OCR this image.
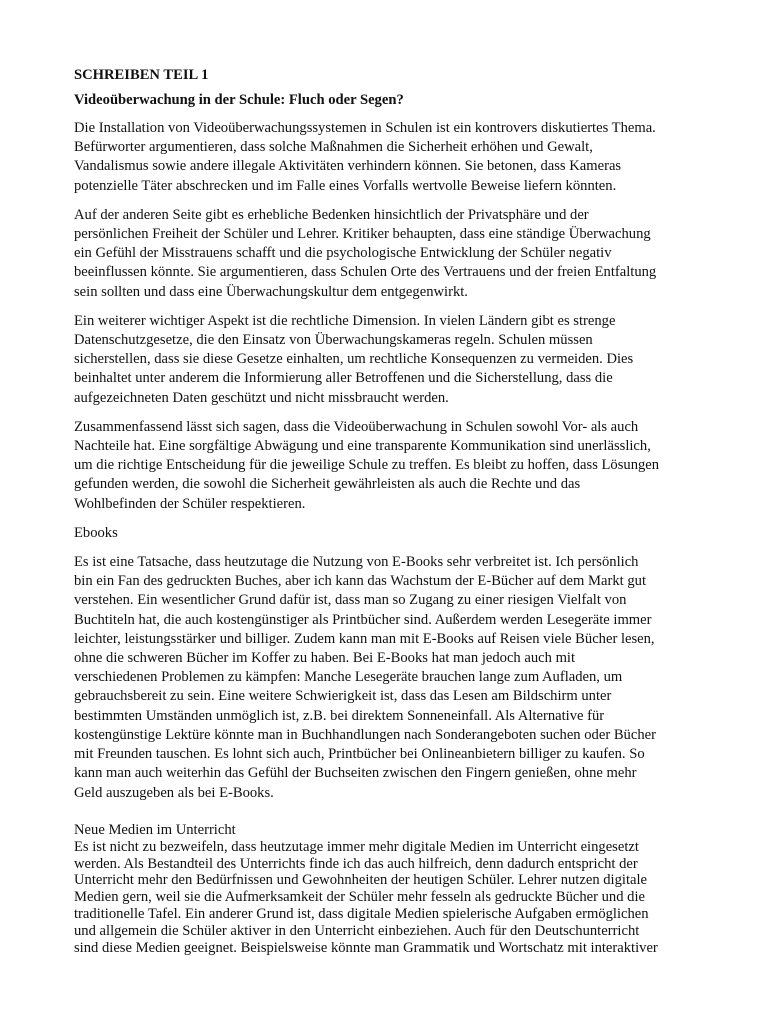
SCHREIBEN TEIL 1
Videoüberwachung in der Schule: Fluch oder Segen?
Die Installation von Videoüberwachungssystemen in Schulen ist ein kontrovers diskutiertes Thema.
Befürworter argumentieren, dass solche Maßnahmen die Sicherheit erhöhen und Gewalt,
Vandalismus sowie andere illegale Aktivitäten verhindern können. Sie betonen, dass Kameras
potenzielle Täter abschrecken und im Falle eines Vorfalls wertvolle Beweise liefern könnten.
Auf der anderen Seite gibt es erhebliche Bedenken hinsichtlich der Privatsphäre und der
persönlichen Freiheit der Schüler und Lehrer. Kritiker behaupten, dass eine ständige Überwachung
ein Gefühl der Misstrauens schafft und die psychologische Entwicklung der Schüler negativ
beeinflussen könnte. Sie argumentieren, dass Schulen Orte des Vertrauens und der freien Entfaltung
sein sollten und dass eine Überwachungskultur dem entgegenwirkt.
Ein weiterer wichtiger Aspekt ist die rechtliche Dimension. In vielen Ländern gibt es strenge
Datenschutzgesetze, die den Einsatz von Überwachungskameras regeln. Schulen müssen
sicherstellen, dass sie diese Gesetze einhalten, um rechtliche Konsequenzen zu vermeiden. Dies
beinhaltet unter anderem die Informierung aller Betroffenen und die Sicherstellung, dass die
aufgezeichneten Daten geschützt und nicht missbraucht werden.
Zusammenfassend lässt sich sagen, dass die Videoüberwachung in Schulen sowohl Vor- als auch
Nachteile hat. Eine sorgfältige Abwägung und eine transparente Kommunikation sind unerlässlich,
um die richtige Entscheidung für die jeweilige Schule zu treffen. Es bleibt zu hoffen, dass Lösungen
gefunden werden, die sowohl die Sicherheit gewährleisten als auch die Rechte und das
Wohlbefinden der Schüler respektieren.
Ebooks
Es ist eine Tatsache, dass heutzutage die Nutzung von E-Books sehr verbreitet ist. Ich persönlich
bin ein Fan des gedruckten Buches, aber ich kann das Wachstum der E-Bücher auf dem Markt gut
verstehen. Ein wesentlicher Grund dafür ist, dass man so Zugang zu einer riesigen Vielfalt von
Buchtiteln hat, die auch kostengünstiger als Printbücher sind. Außerdem werden Lesegeräte immer
leichter, leistungsstärker und billiger. Zudem kann man mit E-Books auf Reisen viele Bücher lesen,
ohne die schweren Bücher im Koffer zu haben. Bei E-Books hat man jedoch auch mit
verschiedenen Problemen zu kämpfen: Manche Lesegeräte brauchen lange zum Aufladen, um
gebrauchsbereit zu sein. Eine weitere Schwierigkeit ist, dass das Lesen am Bildschirm unter
bestimmten Umständen unmöglich ist, z.B. bei direktem Sonneneinfall. Als Alternative für
kostengünstige Lektüre könnte man in Buchhandlungen nach Sonderangeboten suchen oder Bücher
mit Freunden tauschen. Es lohnt sich auch, Printbücher bei Onlineanbietern billiger zu kaufen. So
kann man auch weiterhin das Gefühl der Buchseiten zwischen den Fingern genießen, ohne mehr
Geld auszugeben als bei E-Books.
Neue Medien im Unterricht
Es ist nicht zu bezweifeln, dass heutzutage immer mehr digitale Medien im Unterricht eingesetzt
werden. Als Bestandteil des Unterrichts finde ich das auch hilfreich, denn dadurch entspricht der
Unterricht mehr den Bedürfnissen und Gewohnheiten der heutigen Schüler. Lehrer nutzen digitale
Medien gern, weil sie die Aufmerksamkeit der Schüler mehr fesseln als gedruckte Bücher und die
traditionelle Tafel. Ein anderer Grund ist, dass digitale Medien spielerische Aufgaben ermöglichen
und allgemein die Schüler aktiver in den Unterricht einbeziehen. Auch für den Deutschunterricht
sind diese Medien geeignet. Beispielsweise könnte man Grammatik und Wortschatz mit interaktiver
